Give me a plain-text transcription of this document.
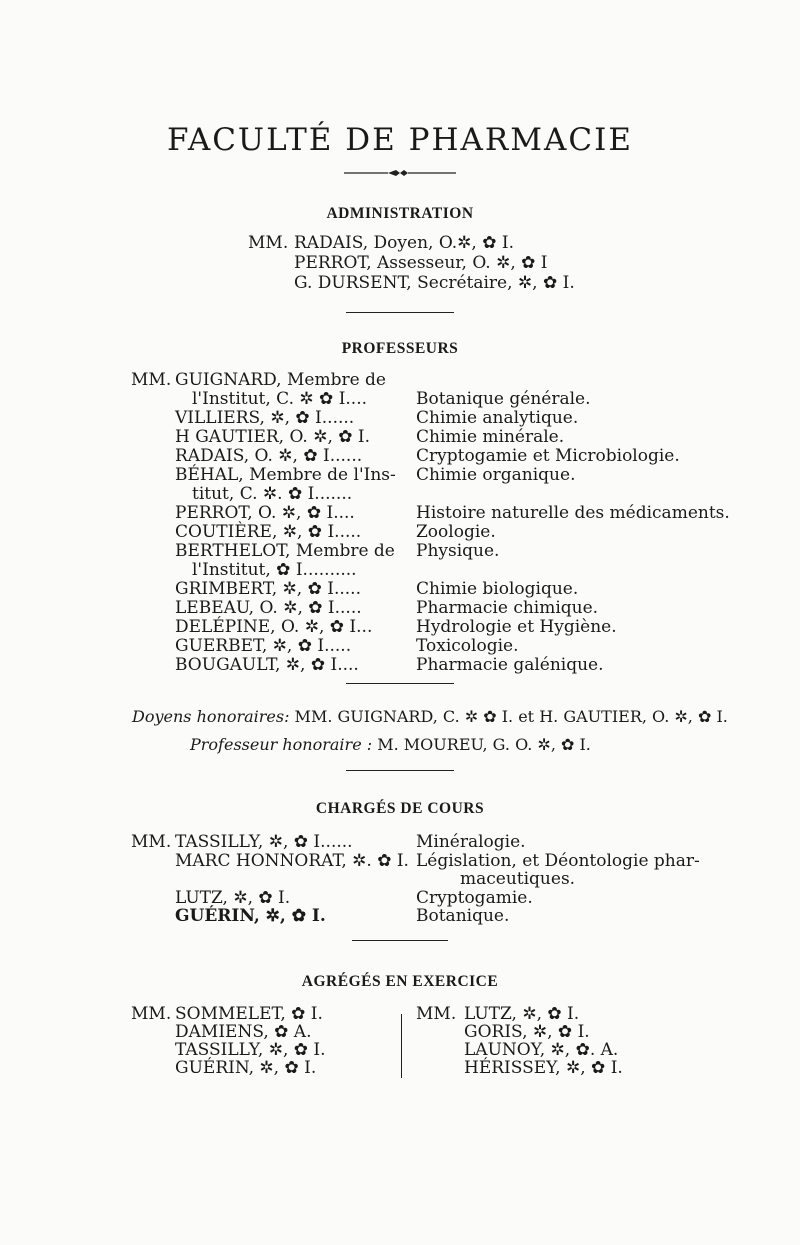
FACULTÉ DE PHARMACIE
ADMINISTRATION
MM. RADAIS, Doyen, O.✲, ✿ I.
PERROT, Assesseur, O. ✲, ✿ I
G. DURSENT, Secrétaire, ✲, ✿ I.
PROFESSEURS
MM. GUIGNARD, Membre de
l'Institut, C. ✲ ✿ I....
VILLIERS, ✲, ✿ I......
H GAUTIER, O. ✲, ✿ I.
RADAIS, O. ✲, ✿ I......
BÉHAL, Membre de l'Ins-
titut, C. ✲. ✿ I.......
PERROT, O. ✲, ✿ I....
COUTIÈRE, ✲, ✿ I.....
BERTHELOT, Membre de
l'Institut, ✿ I..........
GRIMBERT, ✲, ✿ I.....
LEBEAU, O. ✲, ✿ I.....
DELÉPINE, O. ✲, ✿ I...
GUERBET, ✲, ✿ I.....
BOUGAULT, ✲, ✿ I....
Botanique générale.
Chimie analytique.
Chimie minérale.
Cryptogamie et Microbiologie.
Chimie organique.
Histoire naturelle des médicaments.
Zoologie.
Physique.
Chimie biologique.
Pharmacie chimique.
Hydrologie et Hygiène.
Toxicologie.
Pharmacie galénique.
Doyens honoraires: MM. GUIGNARD, C. ✲ ✿ I. et H. GAUTIER, O. ✲, ✿ I.
Professeur honoraire : M. MOUREU, G. O. ✲, ✿ I.
CHARGÉS DE COURS
MM. TASSILLY, ✲, ✿ I......
MARC HONNORAT, ✲. ✿ I.
LUTZ, ✲, ✿ I.
GUÉRIN, ✲, ✿ I.
Minéralogie.
Législation, et Déontologie phar-
maceutiques.
Cryptogamie.
Botanique.
AGRÉGÉS EN EXERCICE
MM. SOMMELET, ✿ I.
DAMIENS, ✿ A.
TASSILLY, ✲, ✿ I.
GUÉRIN, ✲, ✿ I.
MM. LUTZ, ✲, ✿ I.
GORIS, ✲, ✿ I.
LAUNOY, ✲, ✿. A.
HÉRISSEY, ✲, ✿ I.
